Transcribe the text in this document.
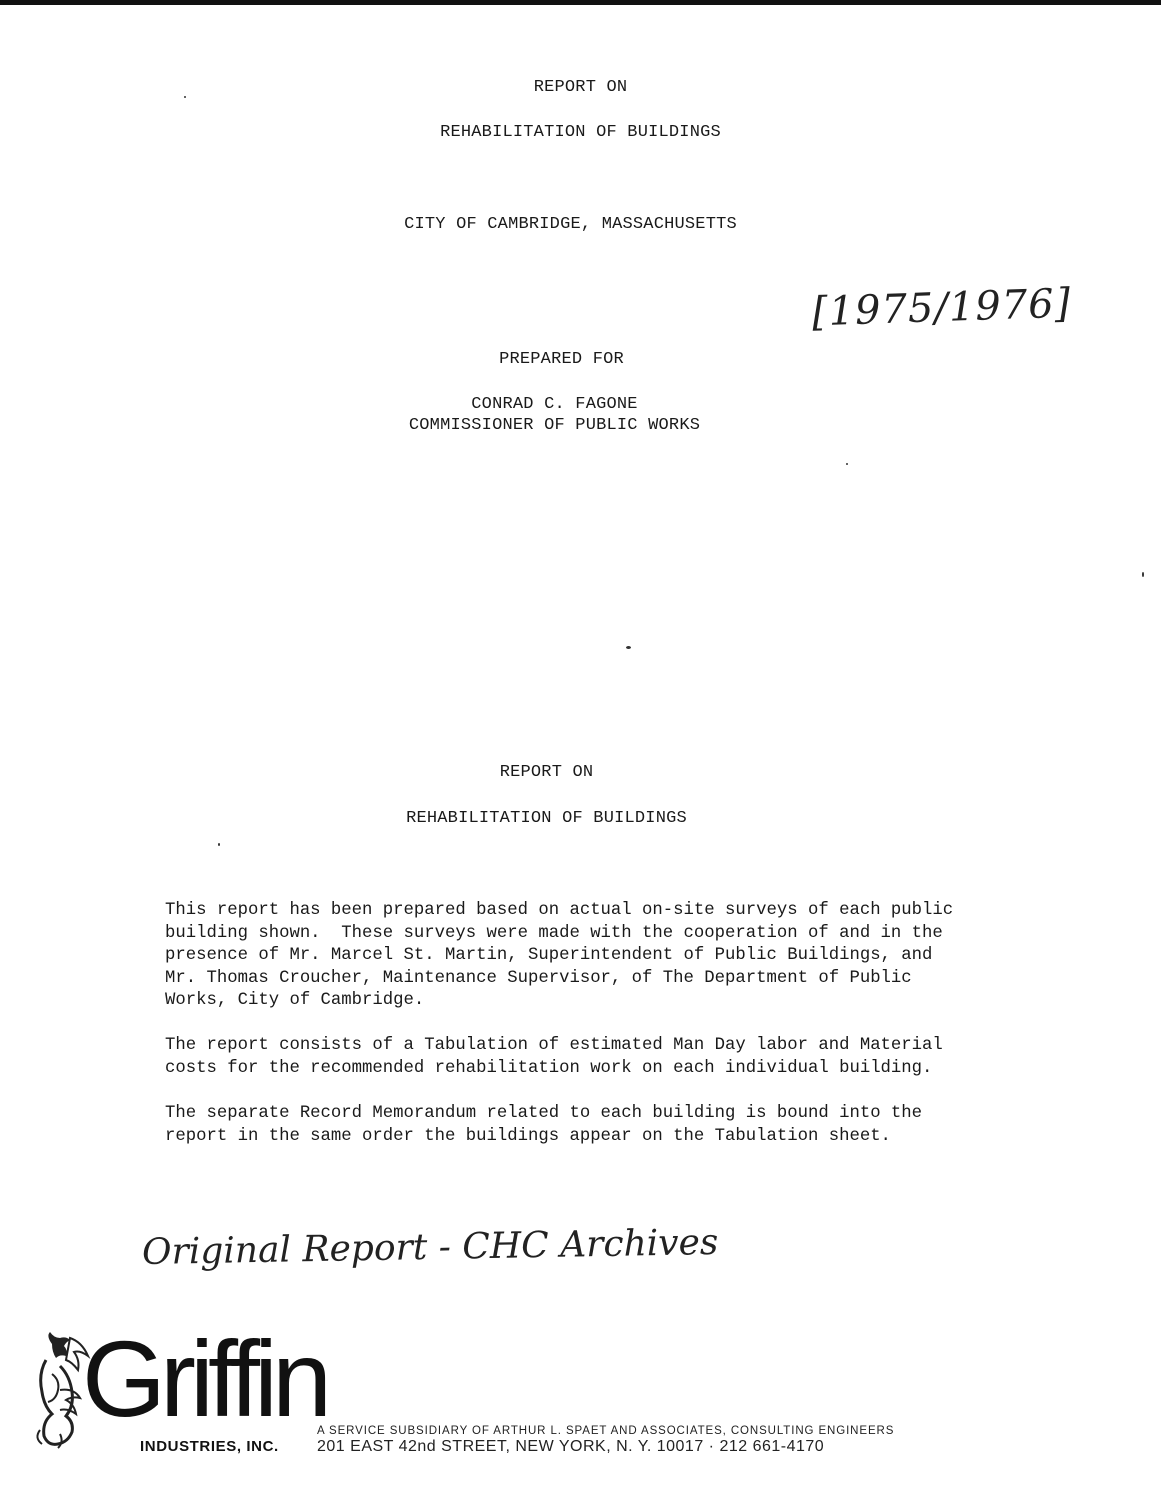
REPORT ON
REHABILITATION OF BUILDINGS
CITY OF CAMBRIDGE, MASSACHUSETTS
[1975/1976]
PREPARED FOR
CONRAD C. FAGONE
COMMISSIONER OF PUBLIC WORKS
REPORT ON
REHABILITATION OF BUILDINGS

This report has been prepared based on actual on-site surveys of each public
building shown.  These surveys were made with the cooperation of and in the
presence of Mr. Marcel St. Martin, Superintendent of Public Buildings, and
Mr. Thomas Croucher, Maintenance Supervisor, of The Department of Public
Works, City of Cambridge.

The report consists of a Tabulation of estimated Man Day labor and Material
costs for the recommended rehabilitation work on each individual building.

The separate Record Memorandum related to each building is bound into the
report in the same order the buildings appear on the Tabulation sheet.

Original Report - CHC Archives
Griffin
INDUSTRIES, INC.
A SERVICE SUBSIDIARY OF ARTHUR L. SPAET AND ASSOCIATES, CONSULTING ENGINEERS
201 EAST 42nd STREET, NEW YORK, N. Y. 10017 · 212 661-4170
